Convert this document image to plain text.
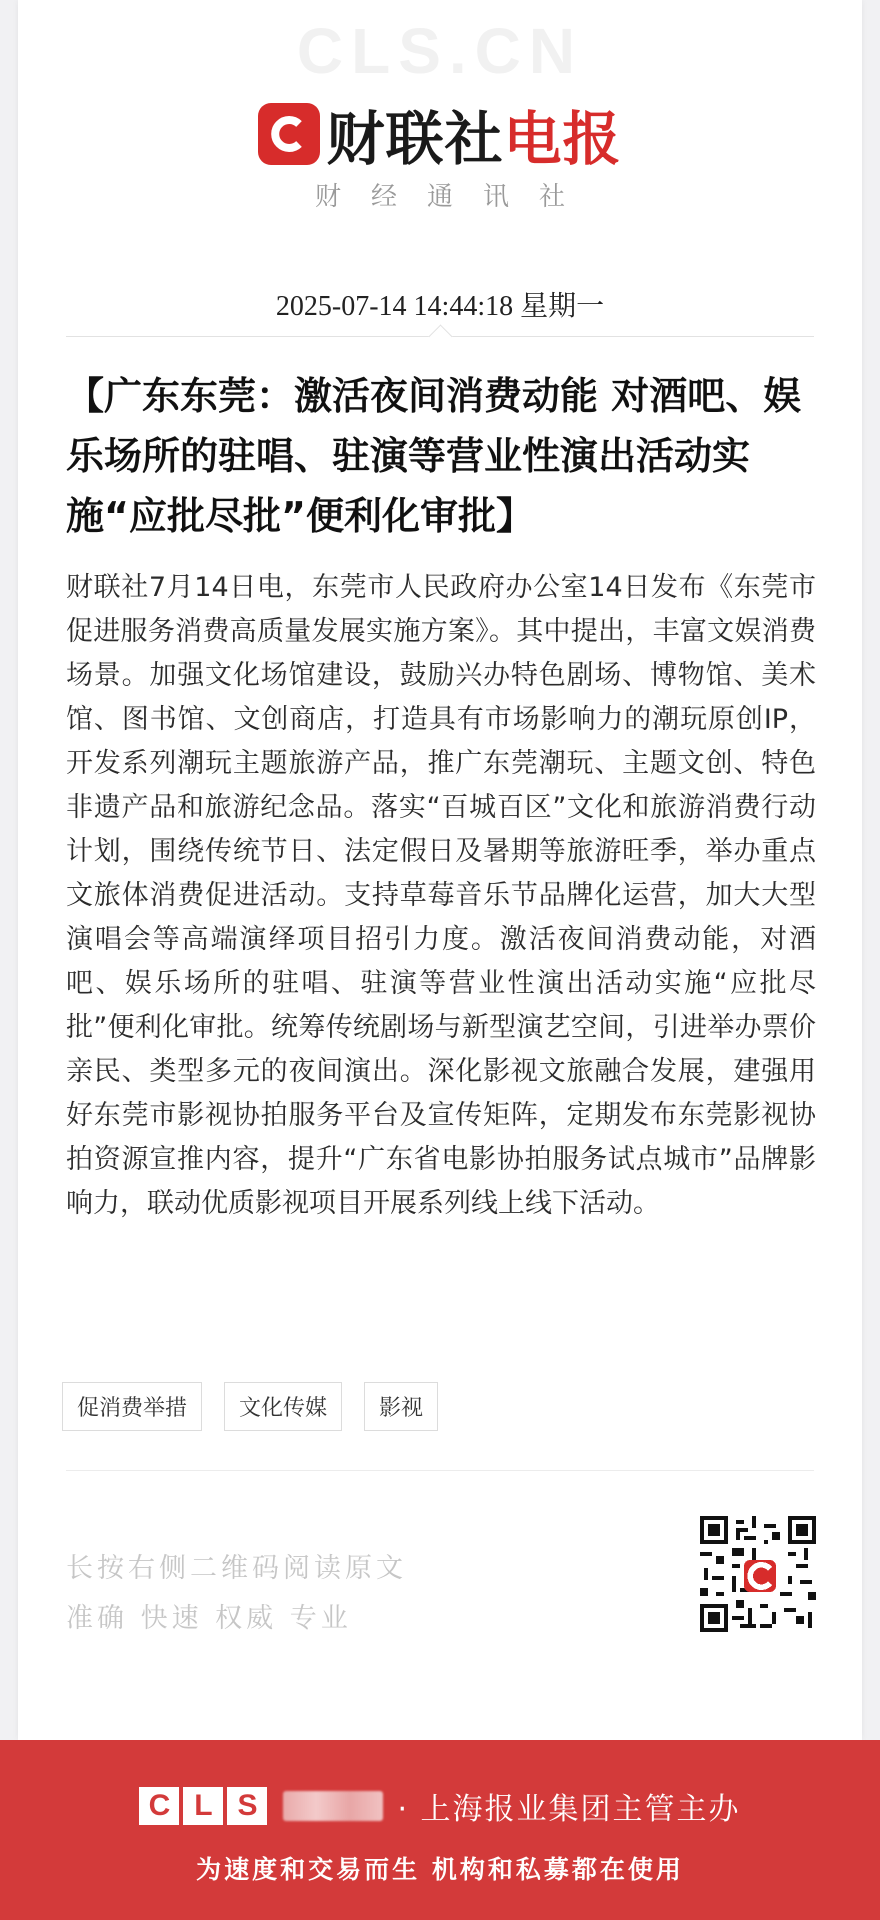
CLS.CN
财联社 电报
财经通讯社
2025-07-14 14:44:18 星期一
【广东东莞：激活夜间消费动能 对酒吧、娱乐场所的驻唱、驻演等营业性演出活动实施“应批尽批”便利化审批】
财联社7月14日电，东莞市人民政府办公室14日发布《东莞市促进服务消费高质量发展实施方案》。其中提出，丰富文娱消费场景。加强文化场馆建设，鼓励兴办特色剧场、博物馆、美术馆、图书馆、文创商店，打造具有市场影响力的潮玩原创IP，开发系列潮玩主题旅游产品，推广东莞潮玩、主题文创、特色非遗产品和旅游纪念品。落实“百城百区”文化和旅游消费行动计划，围绕传统节日、法定假日及暑期等旅游旺季，举办重点文旅体消费促进活动。支持草莓音乐节品牌化运营，加大大型演唱会等高端演绎项目招引力度。激活夜间消费动能，对酒吧、娱乐场所的驻唱、驻演等营业性演出活动实施“应批尽批”便利化审批。统筹传统剧场与新型演艺空间，引进举办票价亲民、类型多元的夜间演出。深化影视文旅融合发展，建强用好东莞市影视协拍服务平台及宣传矩阵，定期发布东莞影视协拍资源宣推内容，提升“广东省电影协拍服务试点城市”品牌影响力，联动优质影视项目开展系列线上线下活动。
促消费举措	文化传媒	影视
长按右侧二维码阅读原文
准确 快速 权威 专业
C L S	· 上海报业集团主管主办
为速度和交易而生 机构和私募都在使用
